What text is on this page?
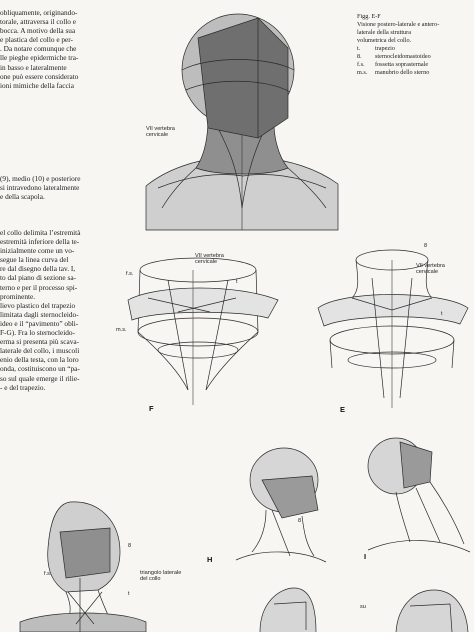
obliquamente, originando-

torale, attraversa il collo e

bocca. A motivo della sua

e plastica del collo e per-

. Da notare comunque che

lle pieghe epidermiche tra-

in basso e lateralmente

one può essere considerato

ioni mimiche della faccia

(9), medio (10) e posteriore

si intravedono lateralmente

e della scapola.

el collo delimita l’estremità

estremità inferiore della te-

inizialmente come un vo-

segue la linea curva del

re dal disegno della tav. I,

to dal piano di sezione sa-

terno e per il processo spi-

prominente.

lievo plastico del trapezio

limitata dagli sternocleido-

ideo e il “pavimento” obli-

F-G). Fra lo sternocleido-

erma si presenta più scava-

laterale del collo, i muscoli

enio della testa, con la loro

onda, costituiscono un “pa-

so sul quale emerge il rilie-

- e del trapezio.

Figg. E-F

Visione postero-laterale e antero-

laterale della struttura

volumetrica del collo.

t.	trapezio
8.	sternocleidomastoideo
f.s.	fossetta soprasternale
m.s.	manubrio dello sterno
VII vertebra
cervicale
VII vertebra
cervicale
f.s.
t
m.s.
F
VII vertebra
cervicale
8
t
E
8
triangolo laterale
del collo
t
f.s.
8
H	I
su
